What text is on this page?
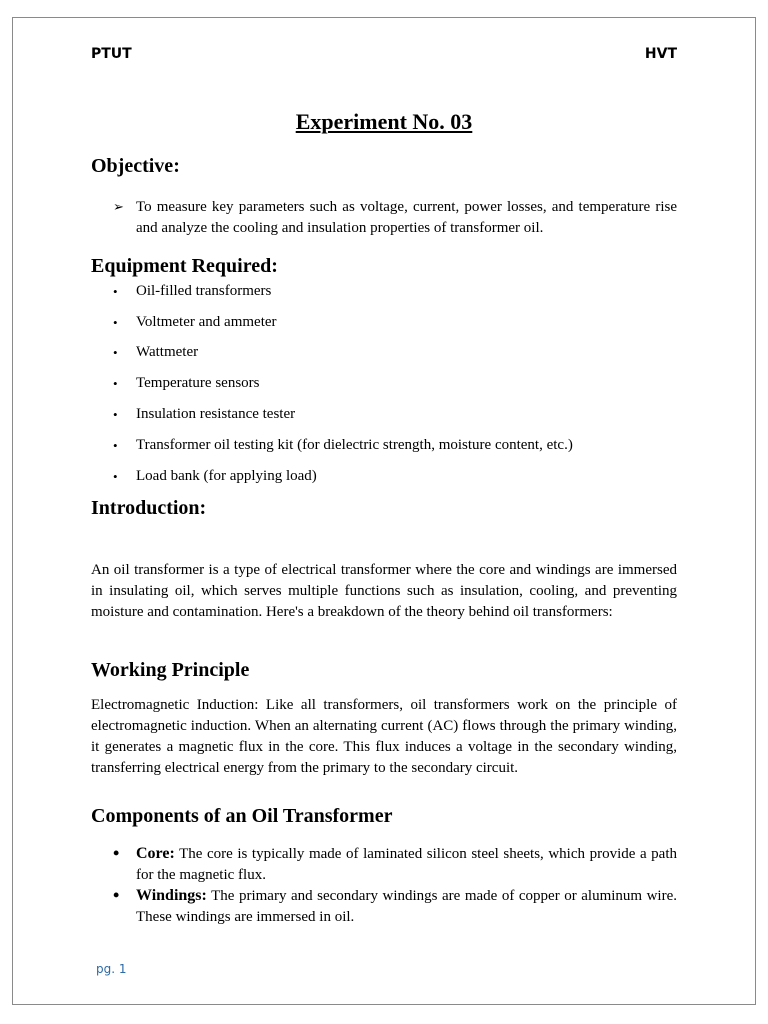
PTUT	HVT
Experiment No. 03
Objective:
➢ To measure key parameters such as voltage, current, power losses, and temperature rise and analyze the cooling and insulation properties of transformer oil.
Equipment Required:
• Oil-filled transformers
• Voltmeter and ammeter
• Wattmeter
• Temperature sensors
• Insulation resistance tester
• Transformer oil testing kit (for dielectric strength, moisture content, etc.)
• Load bank (for applying load)
Introduction:

An oil transformer is a type of electrical transformer where the core and windings are immersed in insulating oil, which serves multiple functions such as insulation, cooling, and preventing moisture and contamination. Here's a breakdown of the theory behind oil transformers:

Working Principle

Electromagnetic Induction: Like all transformers, oil transformers work on the principle of electromagnetic induction. When an alternating current (AC) flows through the primary winding, it generates a magnetic flux in the core. This flux induces a voltage in the secondary winding, transferring electrical energy from the primary to the secondary circuit.

Components of an Oil Transformer
• Core: The core is typically made of laminated silicon steel sheets, which provide a path for the magnetic flux.
• Windings: The primary and secondary windings are made of copper or aluminum wire. These windings are immersed in oil.
pg. 1
